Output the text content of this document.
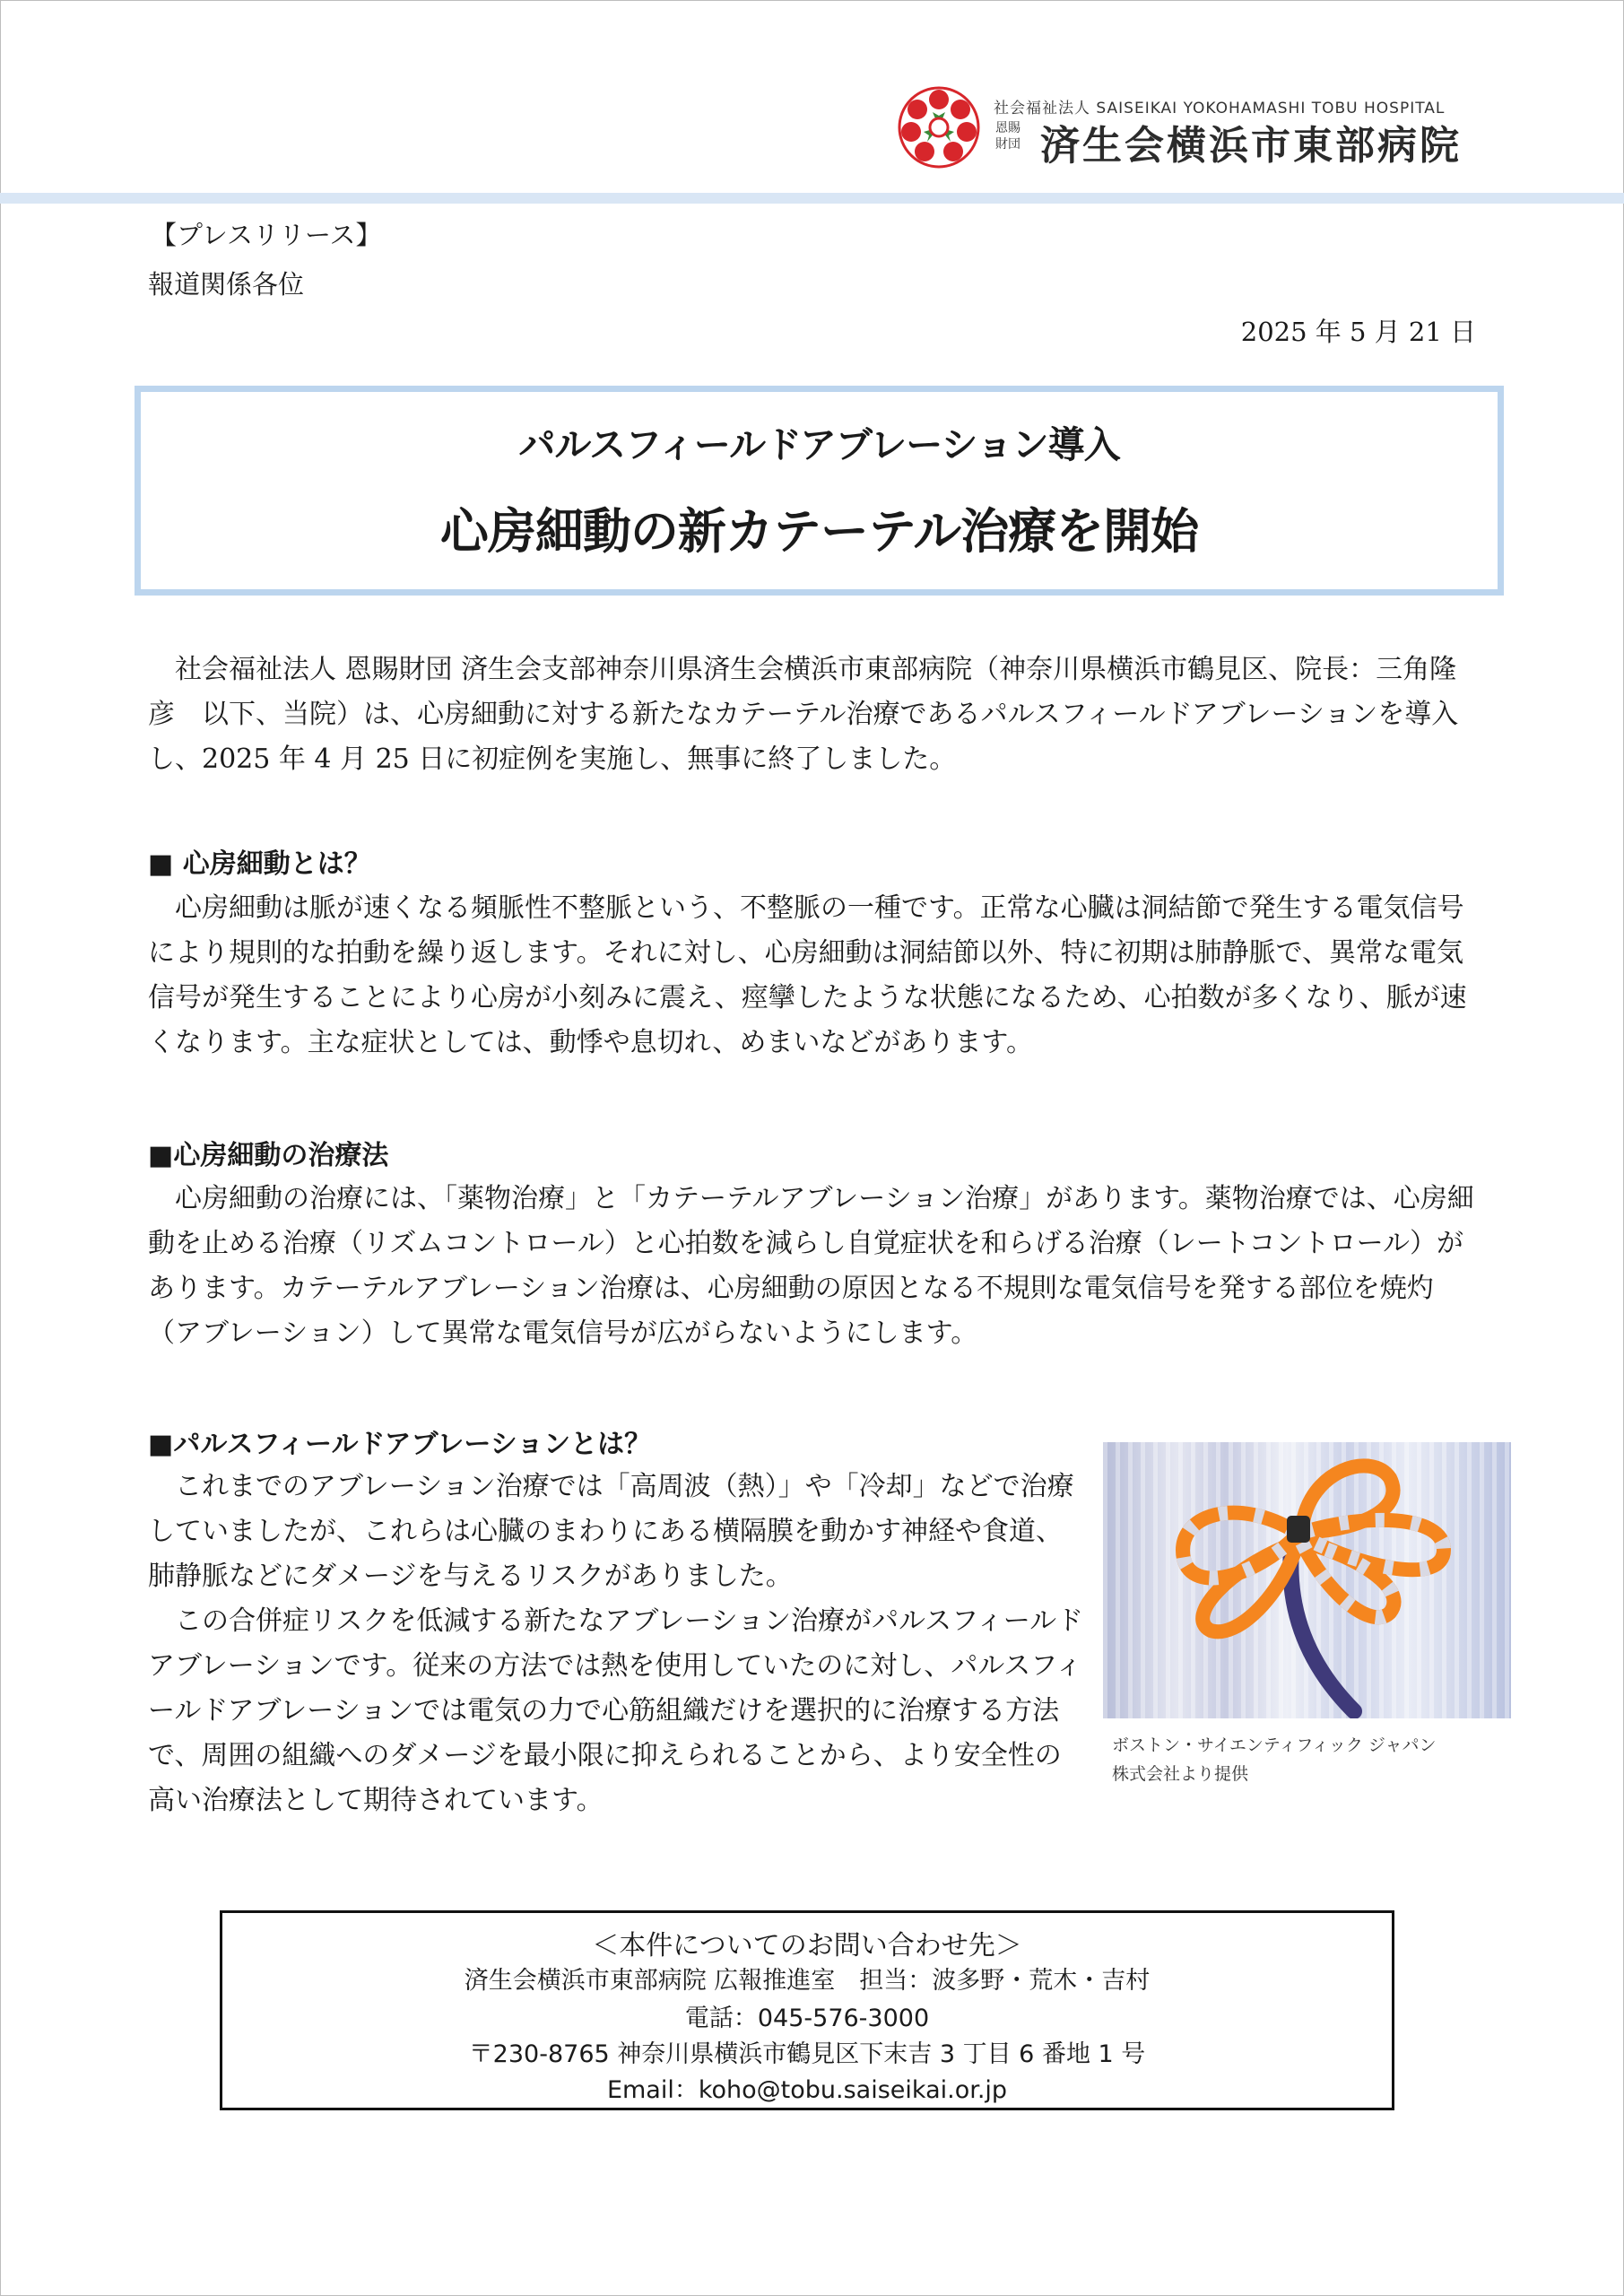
社会福祉法人 SAISEIKAI YOKOHAMASHI TOBU HOSPITAL
恩賜財団 済生会横浜市東部病院
【プレスリリース】
報道関係各位
2025 年 5 月 21 日
パルスフィールドアブレーション導入
心房細動の新カテーテル治療を開始

社会福祉法人 恩賜財団 済生会支部神奈川県済生会横浜市東部病院（神奈川県横浜市鶴見区、院長：三角隆彦　以下、当院）は、心房細動に対する新たなカテーテル治療であるパルスフィールドアブレーションを導入し、2025 年 4 月 25 日に初症例を実施し、無事に終了しました。

■ 心房細動とは？

心房細動は脈が速くなる頻脈性不整脈という、不整脈の一種です。正常な心臓は洞結節で発生する電気信号により規則的な拍動を繰り返します。それに対し、心房細動は洞結節以外、特に初期は肺静脈で、異常な電気信号が発生することにより心房が小刻みに震え、痙攣したような状態になるため、心拍数が多くなり、脈が速くなります。主な症状としては、動悸や息切れ、めまいなどがあります。

■心房細動の治療法

心房細動の治療には、「薬物治療」と「カテーテルアブレーション治療」があります。薬物治療では、心房細動を止める治療（リズムコントロール）と心拍数を減らし自覚症状を和らげる治療（レートコントロール）があります。カテーテルアブレーション治療は、心房細動の原因となる不規則な電気信号を発する部位を焼灼（アブレーション）して異常な電気信号が広がらないようにします。

■パルスフィールドアブレーションとは？

これまでのアブレーション治療では「高周波（熱）」や「冷却」などで治療していましたが、これらは心臓のまわりにある横隔膜を動かす神経や食道、肺静脈などにダメージを与えるリスクがありました。

この合併症リスクを低減する新たなアブレーション治療がパルスフィールドアブレーションです。従来の方法では熱を使用していたのに対し、パルスフィールドアブレーションでは電気の力で心筋組織だけを選択的に治療する方法で、周囲の組織へのダメージを最小限に抑えられることから、より安全性の高い治療法として期待されています。

ボストン・サイエンティフィック ジャパン
株式会社より提供
＜本件についてのお問い合わせ先＞
済生会横浜市東部病院 広報推進室　担当：波多野・荒木・吉村
電話：045-576-3000
〒230-8765 神奈川県横浜市鶴見区下末吉 3 丁目 6 番地 1 号
Email：koho@tobu.saiseikai.or.jp
